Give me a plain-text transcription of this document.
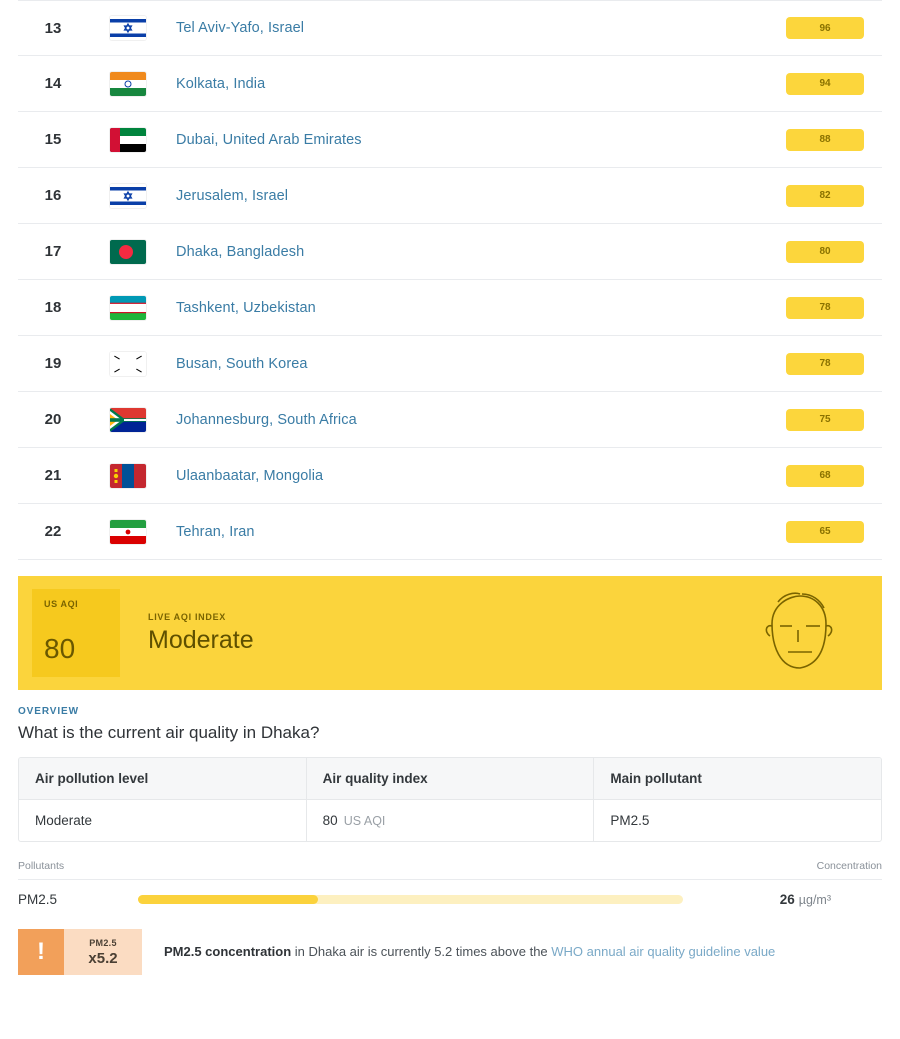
13	Tel Aviv-Yafo, Israel	96
14	Kolkata, India	94
15	Dubai, United Arab Emirates	88
16	Jerusalem, Israel	82
17	Dhaka, Bangladesh	80
18	Tashkent, Uzbekistan	78
19	Busan, South Korea	78
20	Johannesburg, South Africa	75
21	Ulaanbaatar, Mongolia	68
22	Tehran, Iran	65
US AQI
80
LIVE AQI INDEX
Moderate
OVERVIEW
What is the current air quality in Dhaka?
Air pollution level	Air quality index	Main pollutant
Moderate	80 US AQI	PM2.5
Pollutants	Concentration
PM2.5	26 µg/m³
!	PM2.5
x5.2	PM2.5 concentration in Dhaka air is currently 5.2 times above the WHO annual air quality guideline value
